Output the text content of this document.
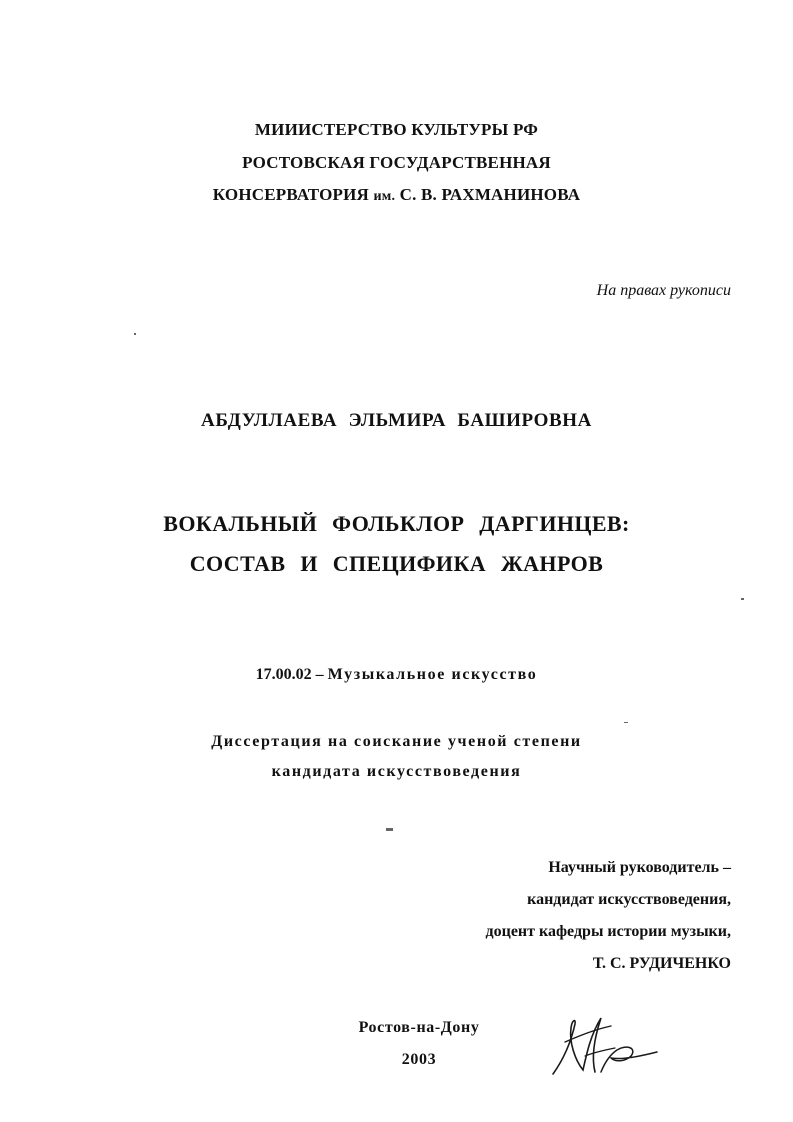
МИИИСТЕРСТВО КУЛЬТУРЫ РФ
РОСТОВСКАЯ ГОСУДАРСТВЕННАЯ
КОНСЕРВАТОРИЯ им. С. В. РАХМАНИНОВА
На правах рукописи
АБДУЛЛАЕВА ЭЛЬМИРА БАШИРОВНА
ВОКАЛЬНЫЙ ФОЛЬКЛОР ДАРГИНЦЕВ:
СОСТАВ И СПЕЦИФИКА ЖАНРОВ
17.00.02 – Музыкальное искусство
Диссертация на соискание ученой степени
кандидата искусствоведения
Научный руководитель –
кандидат искусствоведения,
доцент кафедры истории музыки,
Т. С. РУДИЧЕНКО
Ростов-на-Дону
2003
